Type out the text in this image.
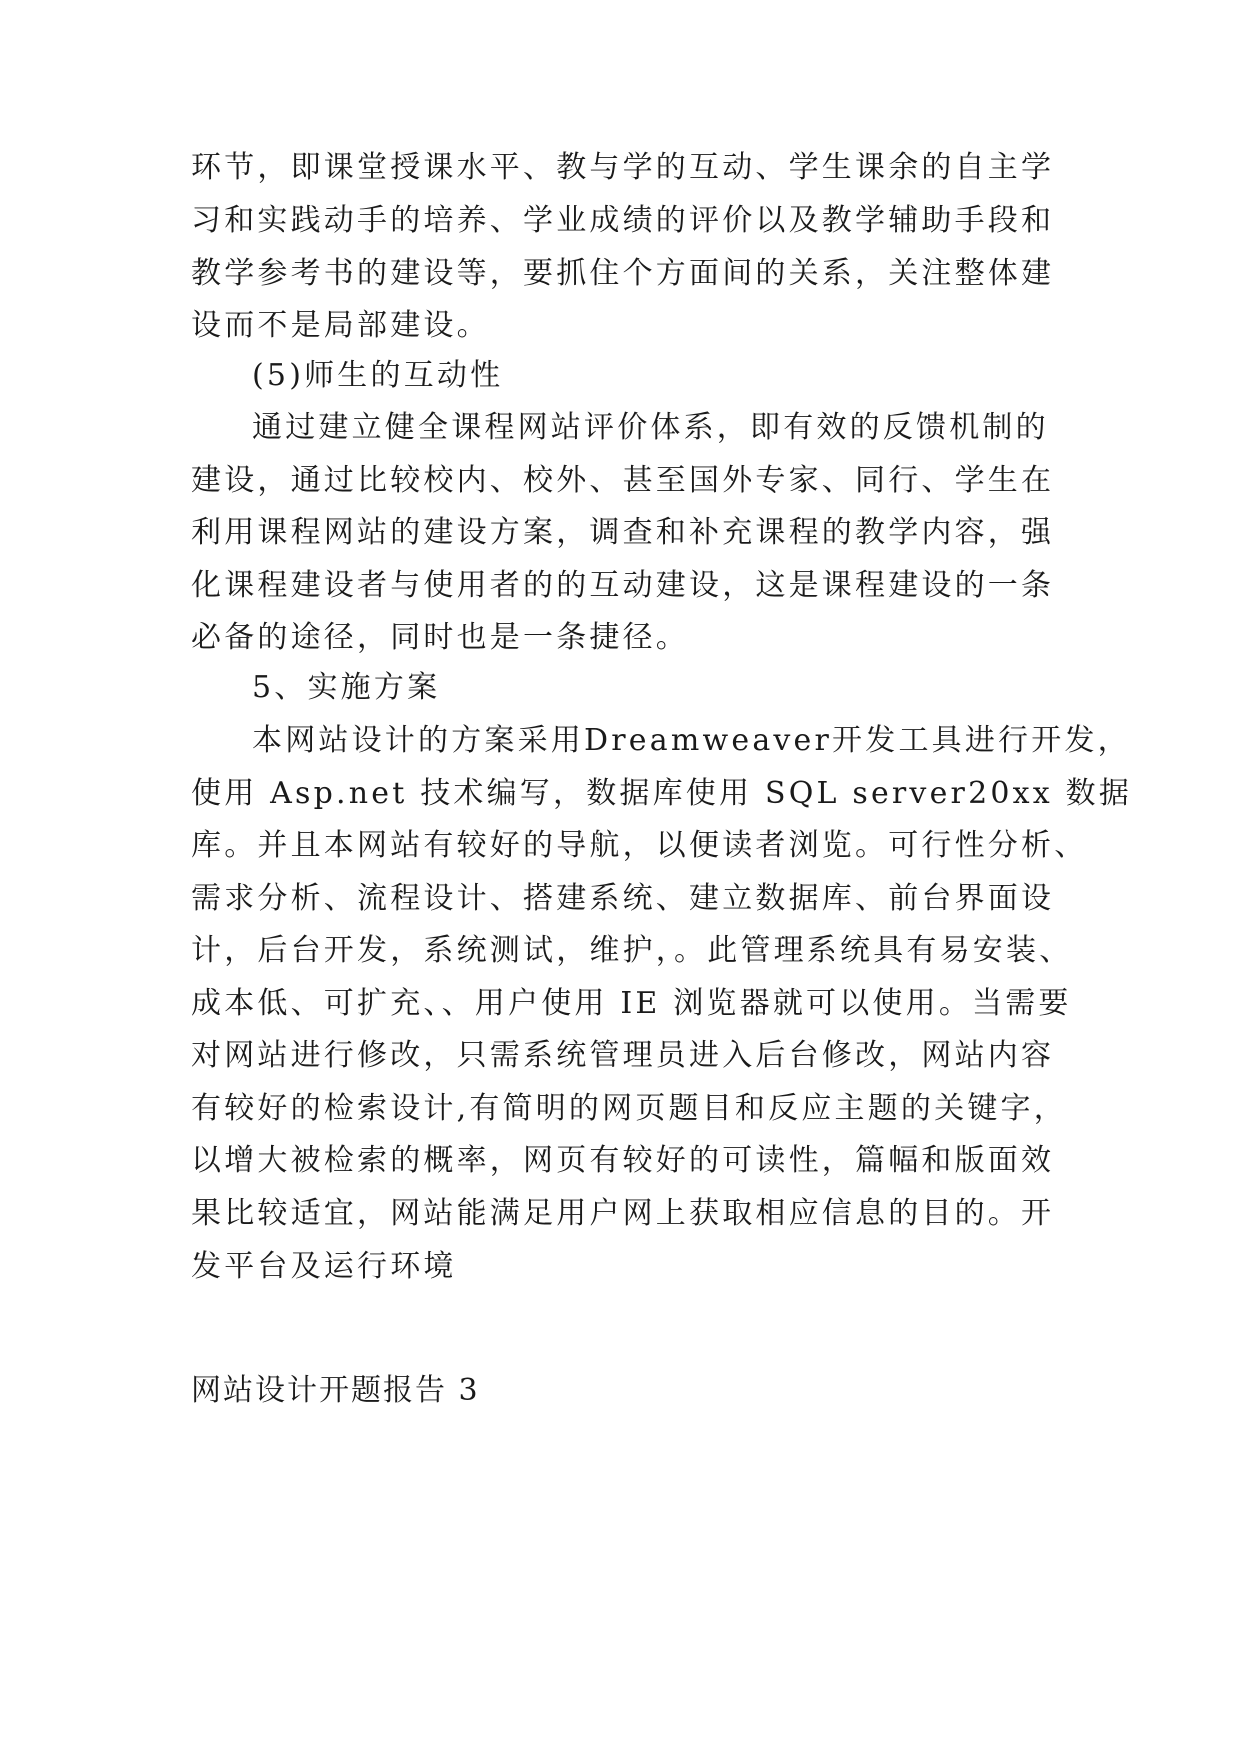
环节，即课堂授课水平、教与学的互动、学生课余的自主学
习和实践动手的培养、学业成绩的评价以及教学辅助手段和
教学参考书的建设等，要抓住个方面间的关系，关注整体建
设而不是局部建设。
(5)师生的互动性
通过建立健全课程网站评价体系，即有效的反馈机制的
建设，通过比较校内、校外、甚至国外专家、同行、学生在
利用课程网站的建设方案，调查和补充课程的教学内容，强
化课程建设者与使用者的的互动建设，这是课程建设的一条
必备的途径，同时也是一条捷径。
5、实施方案
本网站设计的方案采用Dreamweaver开发工具进行开发，
使用 Asp.net 技术编写，数据库使用 SQL server20xx 数据
库。并且本网站有较好的导航，以便读者浏览。可行性分析、
需求分析、流程设计、搭建系统、建立数据库、前台界面设
计，后台开发，系统测试，维护，。此管理系统具有易安装、
成本低、可扩充、、用户使用 IE 浏览器就可以使用。当需要
对网站进行修改，只需系统管理员进入后台修改，网站内容
有较好的检索设计,有简明的网页题目和反应主题的关键字，
以增大被检索的概率，网页有较好的可读性，篇幅和版面效
果比较适宜，网站能满足用户网上获取相应信息的目的。开
发平台及运行环境
网站设计开题报告 3
